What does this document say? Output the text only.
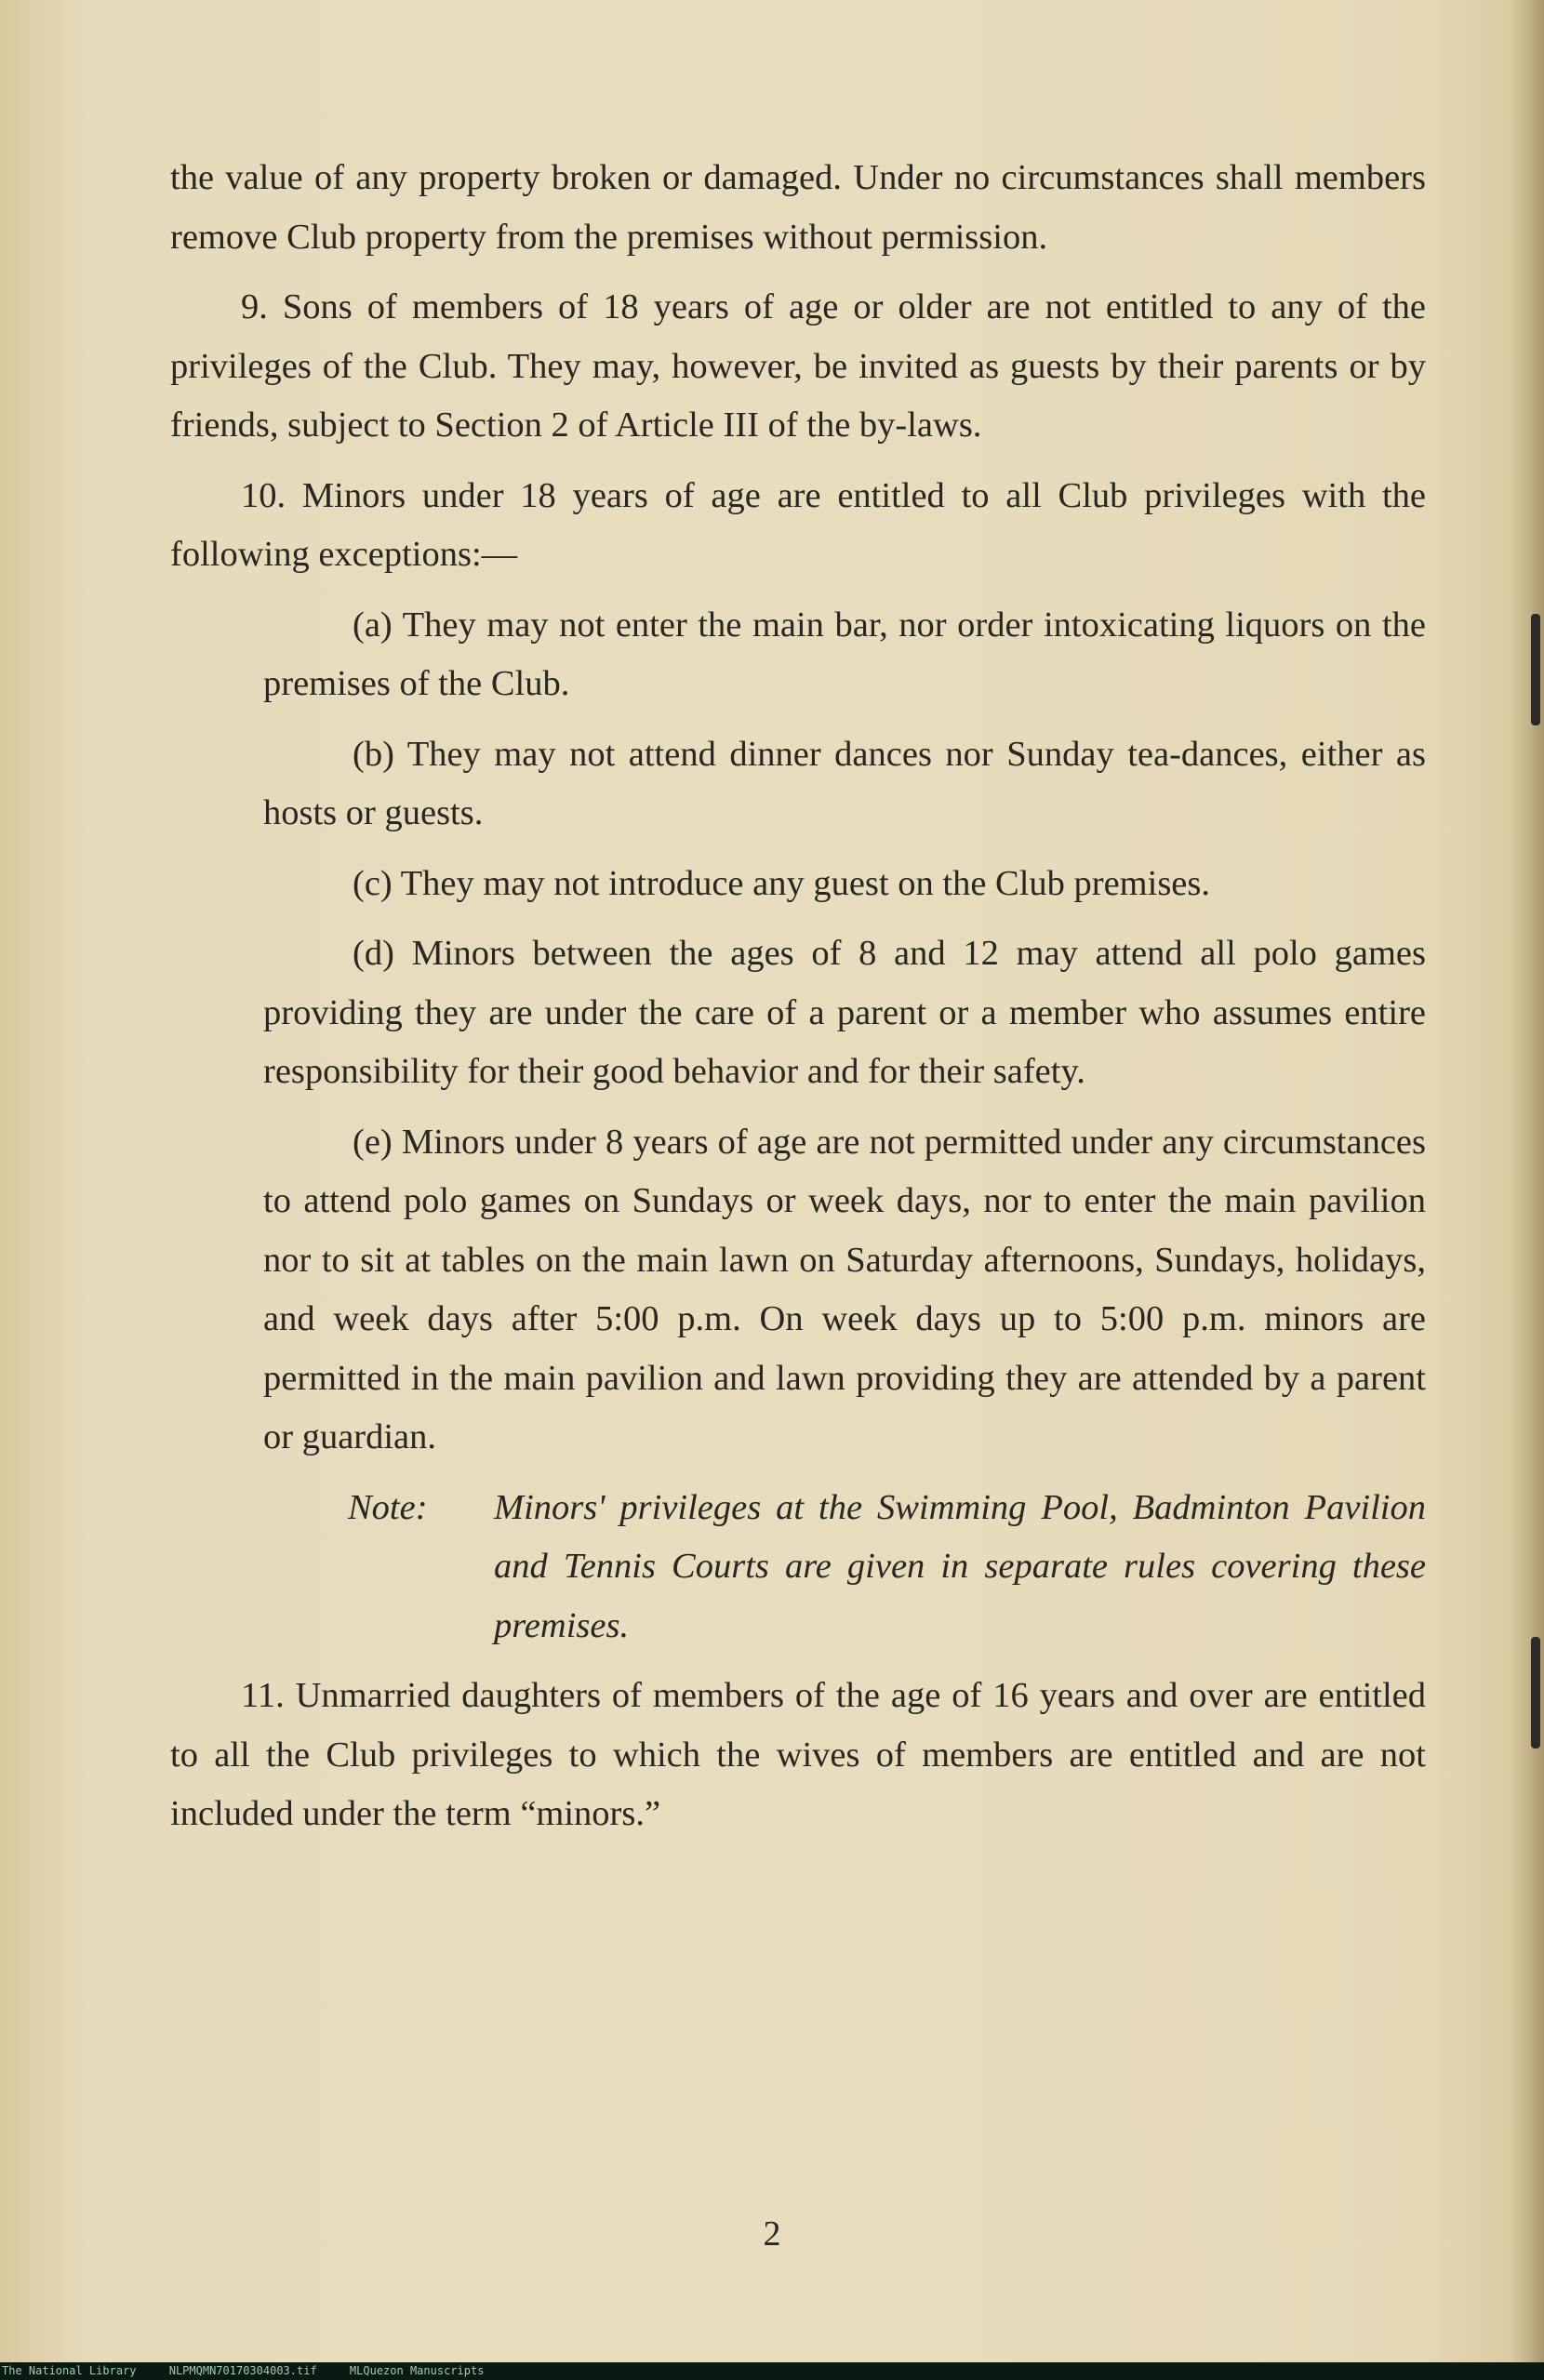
the value of any property broken or damaged. Under no circumstances shall members remove Club property from the premises without permission.

9. Sons of members of 18 years of age or older are not entitled to any of the privileges of the Club. They may, however, be invited as guests by their parents or by friends, subject to Section 2 of Article III of the by-laws.

10. Minors under 18 years of age are entitled to all Club privileges with the following exceptions:—

(a) They may not enter the main bar, nor order intoxicating liquors on the premises of the Club.

(b) They may not attend dinner dances nor Sunday tea-dances, either as hosts or guests.

(c) They may not introduce any guest on the Club premises.

(d) Minors between the ages of 8 and 12 may attend all polo games providing they are under the care of a parent or a member who assumes entire responsibility for their good behavior and for their safety.

(e) Minors under 8 years of age are not permitted under any circumstances to attend polo games on Sundays or week days, nor to enter the main pavilion nor to sit at tables on the main lawn on Saturday afternoons, Sundays, holidays, and week days after 5:00 p.m. On week days up to 5:00 p.m. minors are permitted in the main pavilion and lawn providing they are attended by a parent or guardian.

Note:	Minors' privileges at the Swimming Pool, Badminton Pavilion and Tennis Courts are given in separate rules covering these premises.

11. Unmarried daughters of members of the age of 16 years and over are entitled to all the Club privileges to which the wives of members are entitled and are not included under the term “minors.”

2
The National Library	NLPMQMN70170304003.tif	MLQuezon Manuscripts
